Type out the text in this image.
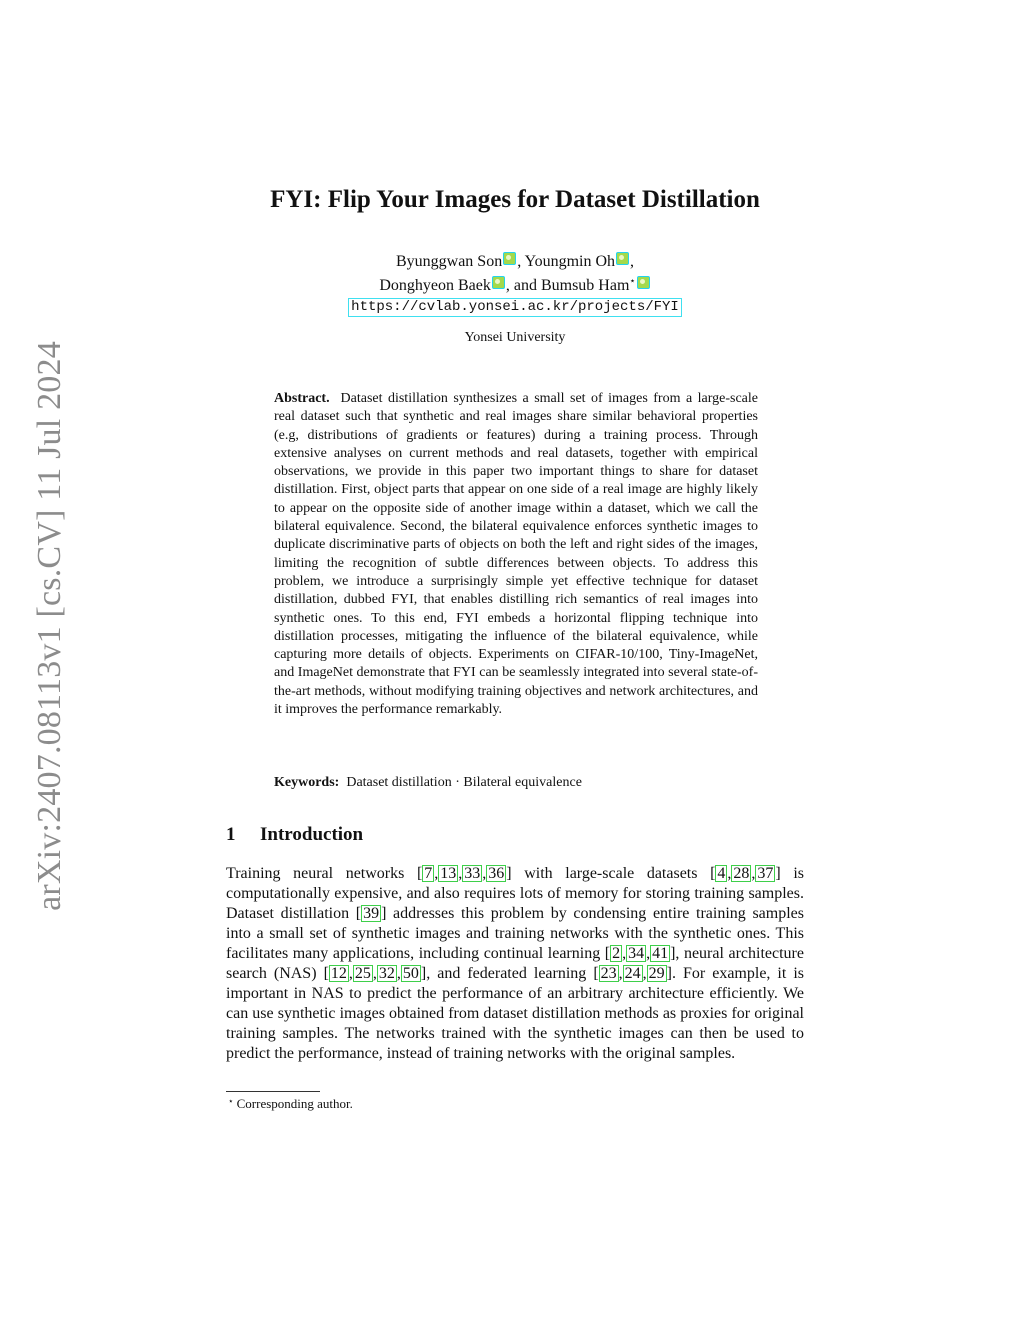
arXiv:2407.08113v1 [cs.CV] 11 Jul 2024
FYI: Flip Your Images for Dataset Distillation
Byunggwan Son , Youngmin Oh ,
Donghyeon Baek , and Bumsub Ham⋆
https://cvlab.yonsei.ac.kr/projects/FYI
Yonsei University
Abstract. Dataset distillation synthesizes a small set of images from a large-scale real dataset such that synthetic and real images share similar behavioral properties (e.g, distributions of gradients or features) during a training process. Through extensive analyses on current methods and real datasets, together with empirical observations, we provide in this paper two important things to share for dataset distillation. First, object parts that appear on one side of a real image are highly likely to appear on the opposite side of another image within a dataset, which we call the bilateral equivalence. Second, the bilateral equivalence enforces synthetic images to duplicate discriminative parts of objects on both the left and right sides of the images, limiting the recognition of subtle differences between objects. To address this problem, we introduce a surprisingly simple yet effective technique for dataset distillation, dubbed FYI, that enables distilling rich semantics of real images into synthetic ones. To this end, FYI embeds a horizontal flipping technique into distillation processes, mitigating the influence of the bilateral equivalence, while capturing more details of objects. Experiments on CIFAR-10/100, Tiny-ImageNet, and ImageNet demonstrate that FYI can be seamlessly integrated into several state-of-the-art methods, without modifying training objectives and network architectures, and it improves the performance remarkably.
Keywords: Dataset distillation · Bilateral equivalence
1 Introduction
Training neural networks [ 7 , 13 , 33 , 36 ] with large-scale datasets [ 4 , 28 , 37 ] is computationally expensive, and also requires lots of memory for storing training samples. Dataset distillation [ 39 ] addresses this problem by condensing entire training samples into a small set of synthetic images and training networks with the synthetic ones. This facilitates many applications, including continual learning [ 2 , 34 , 41 ], neural architecture search (NAS) [ 12 , 25 , 32 , 50 ], and federated learning [ 23 , 24 , 29 ]. For example, it is important in NAS to predict the performance of an arbitrary architecture efficiently. We can use synthetic images obtained from dataset distillation methods as proxies for original training samples. The networks trained with the synthetic images can then be used to predict the performance, instead of training networks with the original samples.
⋆ Corresponding author.
